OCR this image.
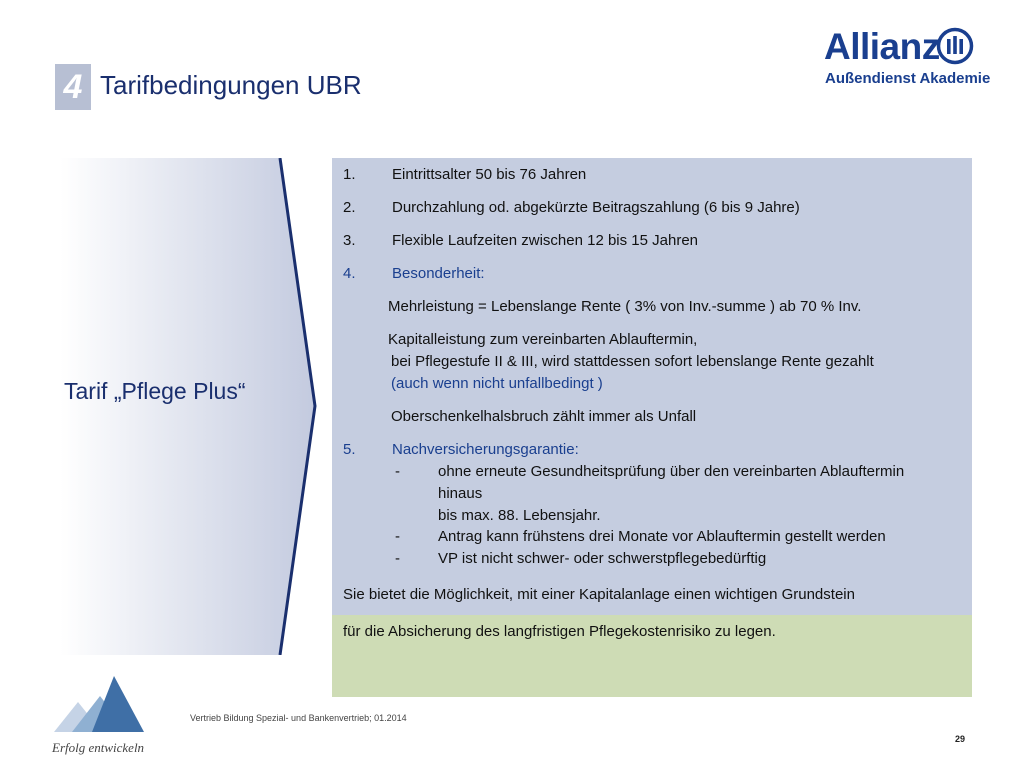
4 Tarifbedingungen UBR
Allianz
Außendienst Akademie
Tarif „Pflege Plus“
1. Eintrittsalter 50 bis 76 Jahren
2. Durchzahlung od. abgekürzte Beitragszahlung (6 bis 9 Jahre)
3. Flexible Laufzeiten zwischen 12 bis 15 Jahren
4. Besonderheit:
Mehrleistung = Lebenslange Rente ( 3% von Inv.-summe ) ab 70 % Inv.
Kapitalleistung zum vereinbarten Ablauftermin,
bei Pflegestufe II & III, wird stattdessen sofort lebenslange Rente gezahlt
(auch wenn nicht unfallbedingt )
Oberschenkelhalsbruch zählt immer als Unfall
5. Nachversicherungsgarantie:
-	ohne erneute Gesundheitsprüfung über den vereinbarten Ablauftermin
hinaus
bis max. 88. Lebensjahr.
-	Antrag kann frühstens drei Monate vor Ablauftermin gestellt werden
-	VP ist nicht schwer- oder schwerstpflegebedürftig
Sie bietet die Möglichkeit, mit einer Kapitalanlage einen wichtigen Grundstein
für die Absicherung des langfristigen Pflegekostenrisiko zu legen.
Erfolg entwickeln
Vertrieb Bildung Spezial- und Bankenvertrieb; 01.2014
29
